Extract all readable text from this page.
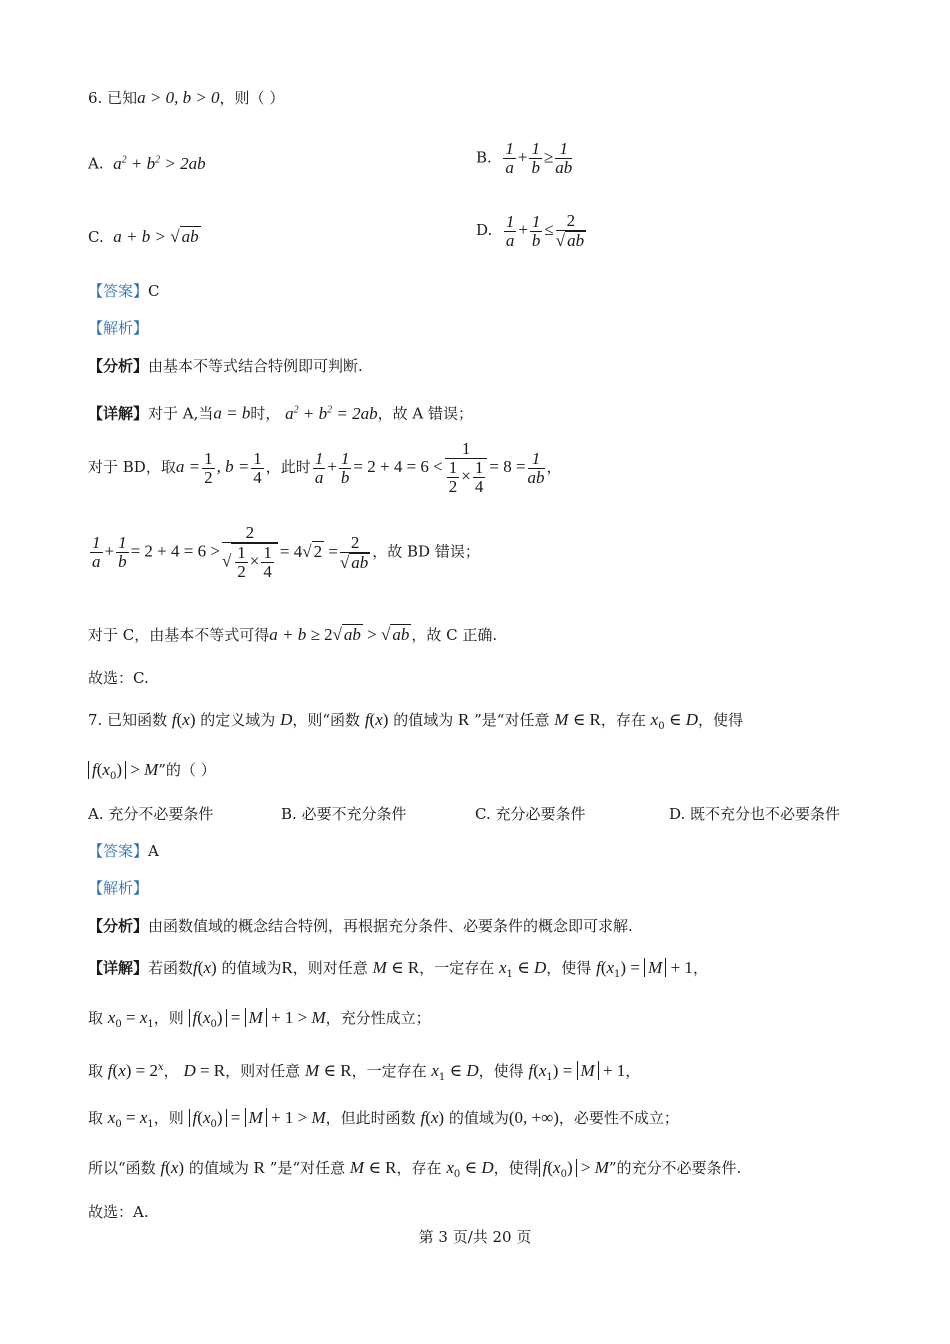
6. 已知a > 0, b > 0，则（ ）
A. $a^2 + b^2 > 2ab$	B. $\frac{1}{a} + \frac{1}{b} \ge \frac{1}{ab}$
C. a + b > √ ab	D. $\frac{1}{a} + \frac{1}{b} \le \frac{2}{√ ab}$
【答案】C
【解析】
【分析】由基本不等式结合特例即可判断.
【详解】对于 A,当a = b时， $a^2 + b^2 = 2ab$，故 A 错误；
对于 BD，取$a = \frac{1}{2}$ , $b = \frac{1}{4}$ ，此时 $\frac{1}{a} + \frac{1}{b} = 2 + 4 = 6 < \frac{1}{\frac{1}{2} \times \frac{1}{4}} = 8 = \frac{1}{ab}$ ，
$\frac{1}{a} + \frac{1}{b} = 2 + 4 = 6 > \frac{2}{√ \frac{1}{2} \times \frac{1}{4}} = 4√$ $2 = \frac{2}{√ ab}$ ，故 BD 错误；
对于 C，由基本不等式可得a + b ≥ 2√ ab > √ ab ，故 C 正确.
故选：C.
7. 已知函数 f(x) 的定义域为 D，则“函数 f(x) 的值域为 R ”是“对任意 M ∈ R，存在 $x_0$ ∈ D，使得
$f(x_0) > M$”的（ ）
A. 充分不必要条件	B. 必要不充分条件	C. 充分必要条件	D. 既不充分也不必要条件
【答案】A
【解析】
【分析】由函数值域的概念结合特例，再根据充分条件、必要条件的概念即可求解.
【详解】若函数f(x) 的值域为R，则对任意 M ∈ R，一定存在 $x_1$ ∈ D，使得 $f(x_1) = M + 1$，
取 $x_0 = x_1$，则 $f(x_0) = M + 1 > M$，充分性成立；
取 $f(x) = 2^x$， D = R，则对任意 M ∈ R，一定存在 $x_1$ ∈ D，使得 $f(x_1) = M + 1$，
取 $x_0 = x_1$，则 $f(x_0) = M + 1 > M$，但此时函数 f(x) 的值域为(0, +∞)，必要性不成立；
所以“函数 f(x) 的值域为 R ”是“对任意 M ∈ R，存在 $x_0$ ∈ D，使得 $f(x_0) > M$”的充分不必要条件.
故选：A.
第 3 页/共 20 页
